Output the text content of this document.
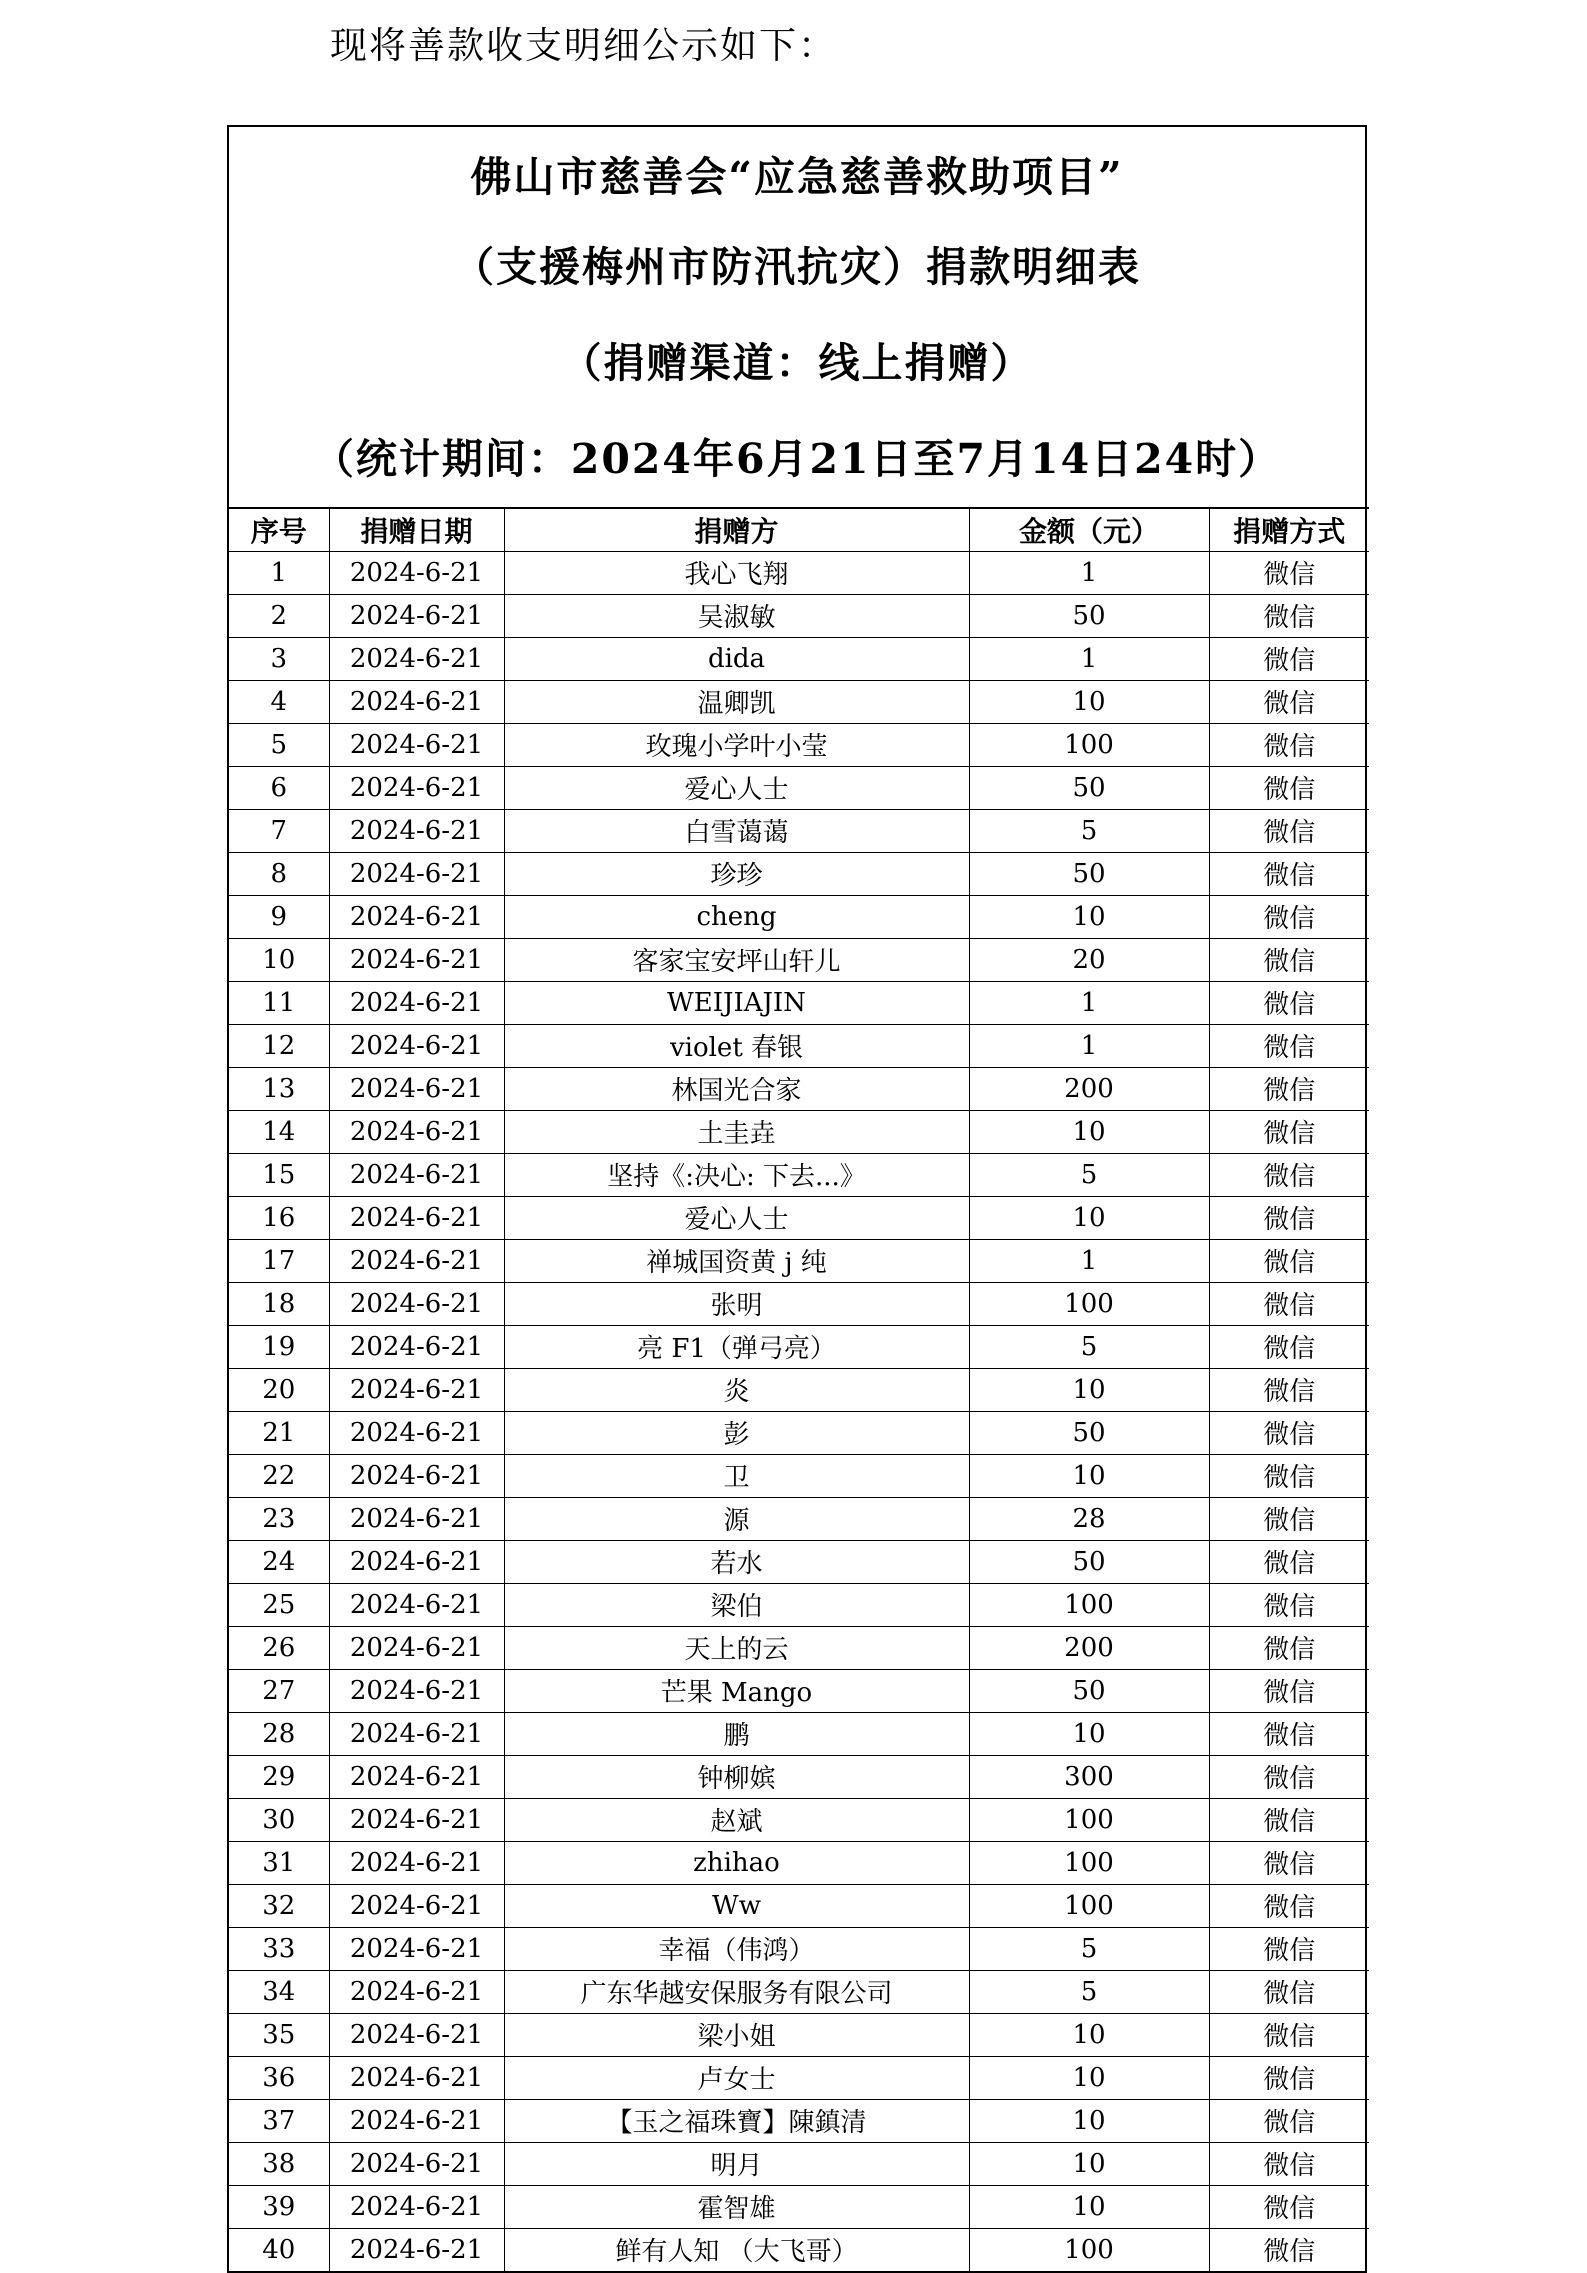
现将善款收支明细公示如下：
佛山市慈善会“应急慈善救助项目”
（支援梅州市防汛抗灾）捐款明细表
（捐赠渠道：线上捐赠）
（统计期间：2024年6月21日至7月14日24时）
序号	捐赠日期	捐赠方	金额（元）	捐赠方式
1	2024-6-21	我心飞翔	1	微信
2	2024-6-21	吴淑敏	50	微信
3	2024-6-21	dida	1	微信
4	2024-6-21	温卿凯	10	微信
5	2024-6-21	玫瑰小学叶小莹	100	微信
6	2024-6-21	爱心人士	50	微信
7	2024-6-21	白雪蔼蔼	5	微信
8	2024-6-21	珍珍	50	微信
9	2024-6-21	cheng	10	微信
10	2024-6-21	客家宝安坪山轩儿	20	微信
11	2024-6-21	WEIJIAJIN	1	微信
12	2024-6-21	violet 春银	1	微信
13	2024-6-21	林国光合家	200	微信
14	2024-6-21	土圭垚	10	微信
15	2024-6-21	坚持《:决心: 下去...》	5	微信
16	2024-6-21	爱心人士	10	微信
17	2024-6-21	禅城国资黄 j 纯	1	微信
18	2024-6-21	张明	100	微信
19	2024-6-21	亮 F1（弹弓亮）	5	微信
20	2024-6-21	炎	10	微信
21	2024-6-21	彭	50	微信
22	2024-6-21	卫	10	微信
23	2024-6-21	源	28	微信
24	2024-6-21	若水	50	微信
25	2024-6-21	梁伯	100	微信
26	2024-6-21	天上的云	200	微信
27	2024-6-21	芒果 Mango	50	微信
28	2024-6-21	鹏	10	微信
29	2024-6-21	钟柳嫔	300	微信
30	2024-6-21	赵斌	100	微信
31	2024-6-21	zhihao	100	微信
32	2024-6-21	Ww	100	微信
33	2024-6-21	幸福（伟鸿）	5	微信
34	2024-6-21	广东华越安保服务有限公司	5	微信
35	2024-6-21	梁小姐	10	微信
36	2024-6-21	卢女士	10	微信
37	2024-6-21	【玉之福珠寶】陳鎮清	10	微信
38	2024-6-21	明月	10	微信
39	2024-6-21	霍智雄	10	微信
40	2024-6-21	鲜有人知 （大飞哥）	100	微信
